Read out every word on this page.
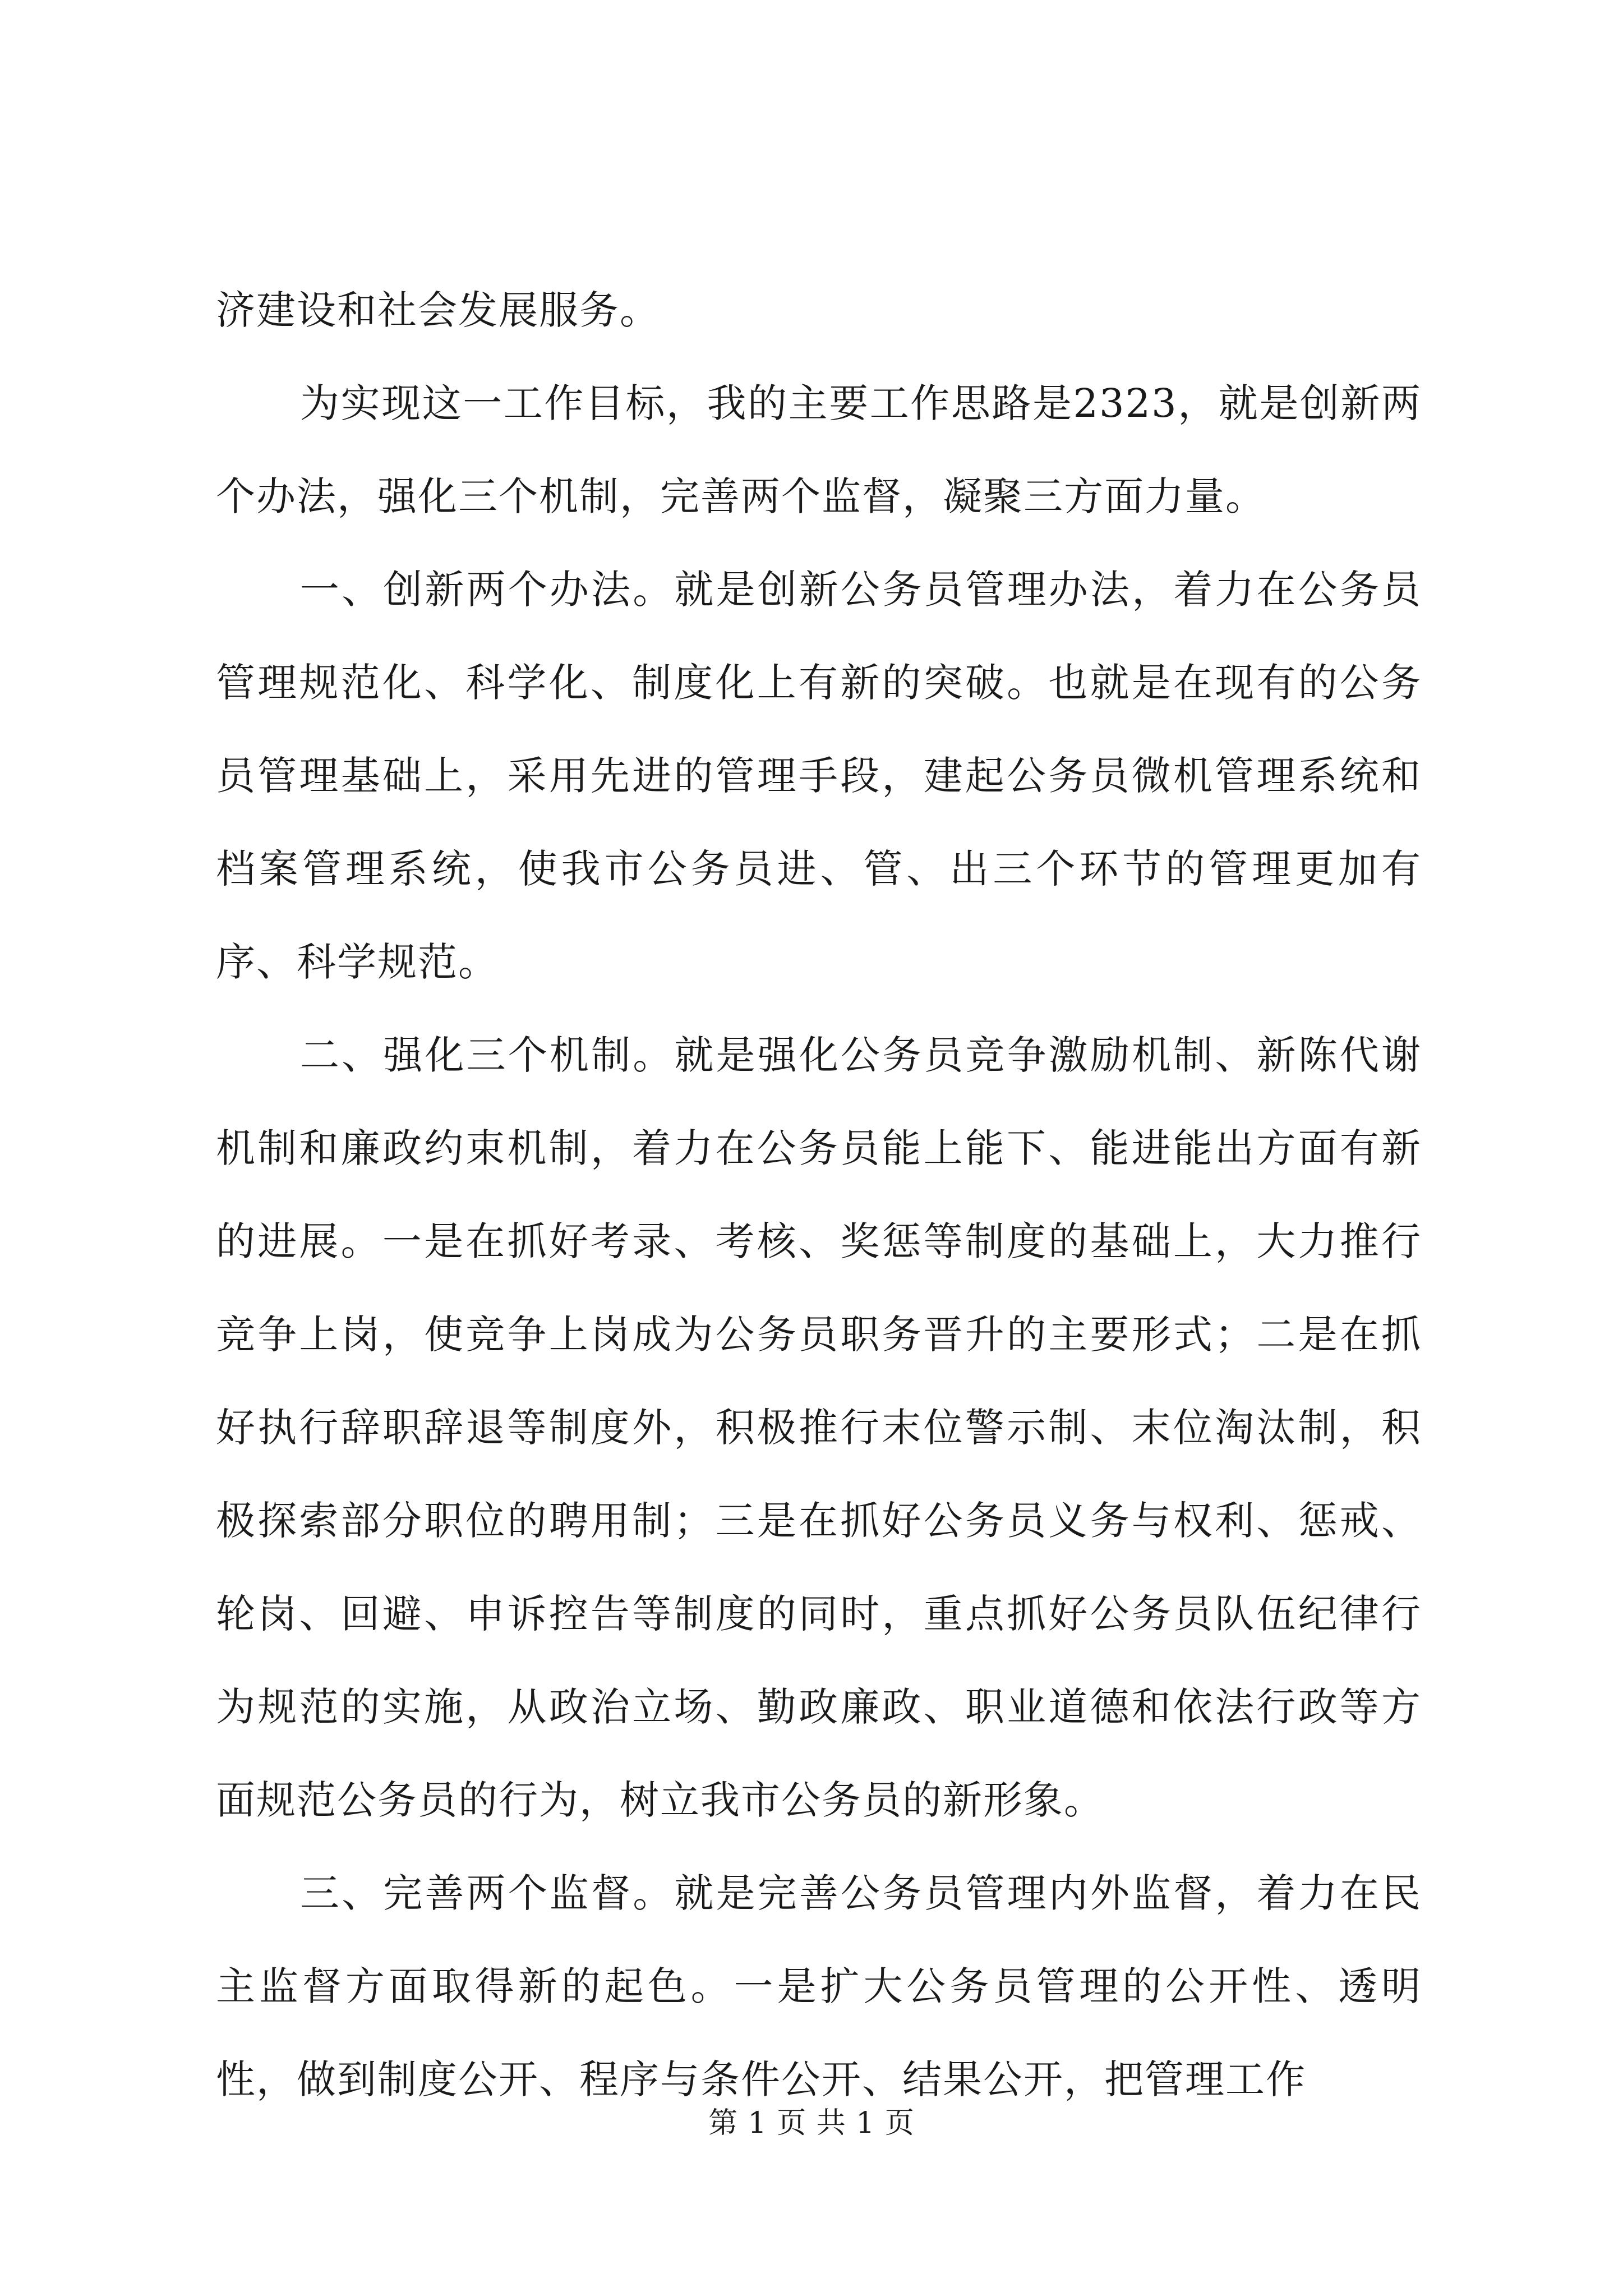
济建设和社会发展服务。

为实现这一工作目标，我的主要工作思路是2323，就是创新两个办法，强化三个机制，完善两个监督，凝聚三方面力量。

一、创新两个办法。就是创新公务员管理办法，着力在公务员管理规范化、科学化、制度化上有新的突破。也就是在现有的公务员管理基础上，采用先进的管理手段，建起公务员微机管理系统和档案管理系统，使我市公务员进、管、出三个环节的管理更加有序、科学规范。

二、强化三个机制。就是强化公务员竞争激励机制、新陈代谢机制和廉政约束机制，着力在公务员能上能下、能进能出方面有新的进展。一是在抓好考录、考核、奖惩等制度的基础上，大力推行竞争上岗，使竞争上岗成为公务员职务晋升的主要形式；二是在抓好执行辞职辞退等制度外，积极推行末位警示制、末位淘汰制，积极探索部分职位的聘用制；三是在抓好公务员义务与权利、惩戒、轮岗、回避、申诉控告等制度的同时，重点抓好公务员队伍纪律行为规范的实施，从政治立场、勤政廉政、职业道德和依法行政等方面规范公务员的行为，树立我市公务员的新形象。

三、完善两个监督。就是完善公务员管理内外监督，着力在民主监督方面取得新的起色。一是扩大公务员管理的公开性、透明性，做到制度公开、程序与条件公开、结果公开，把管理工作

第 1 页 共 1 页
